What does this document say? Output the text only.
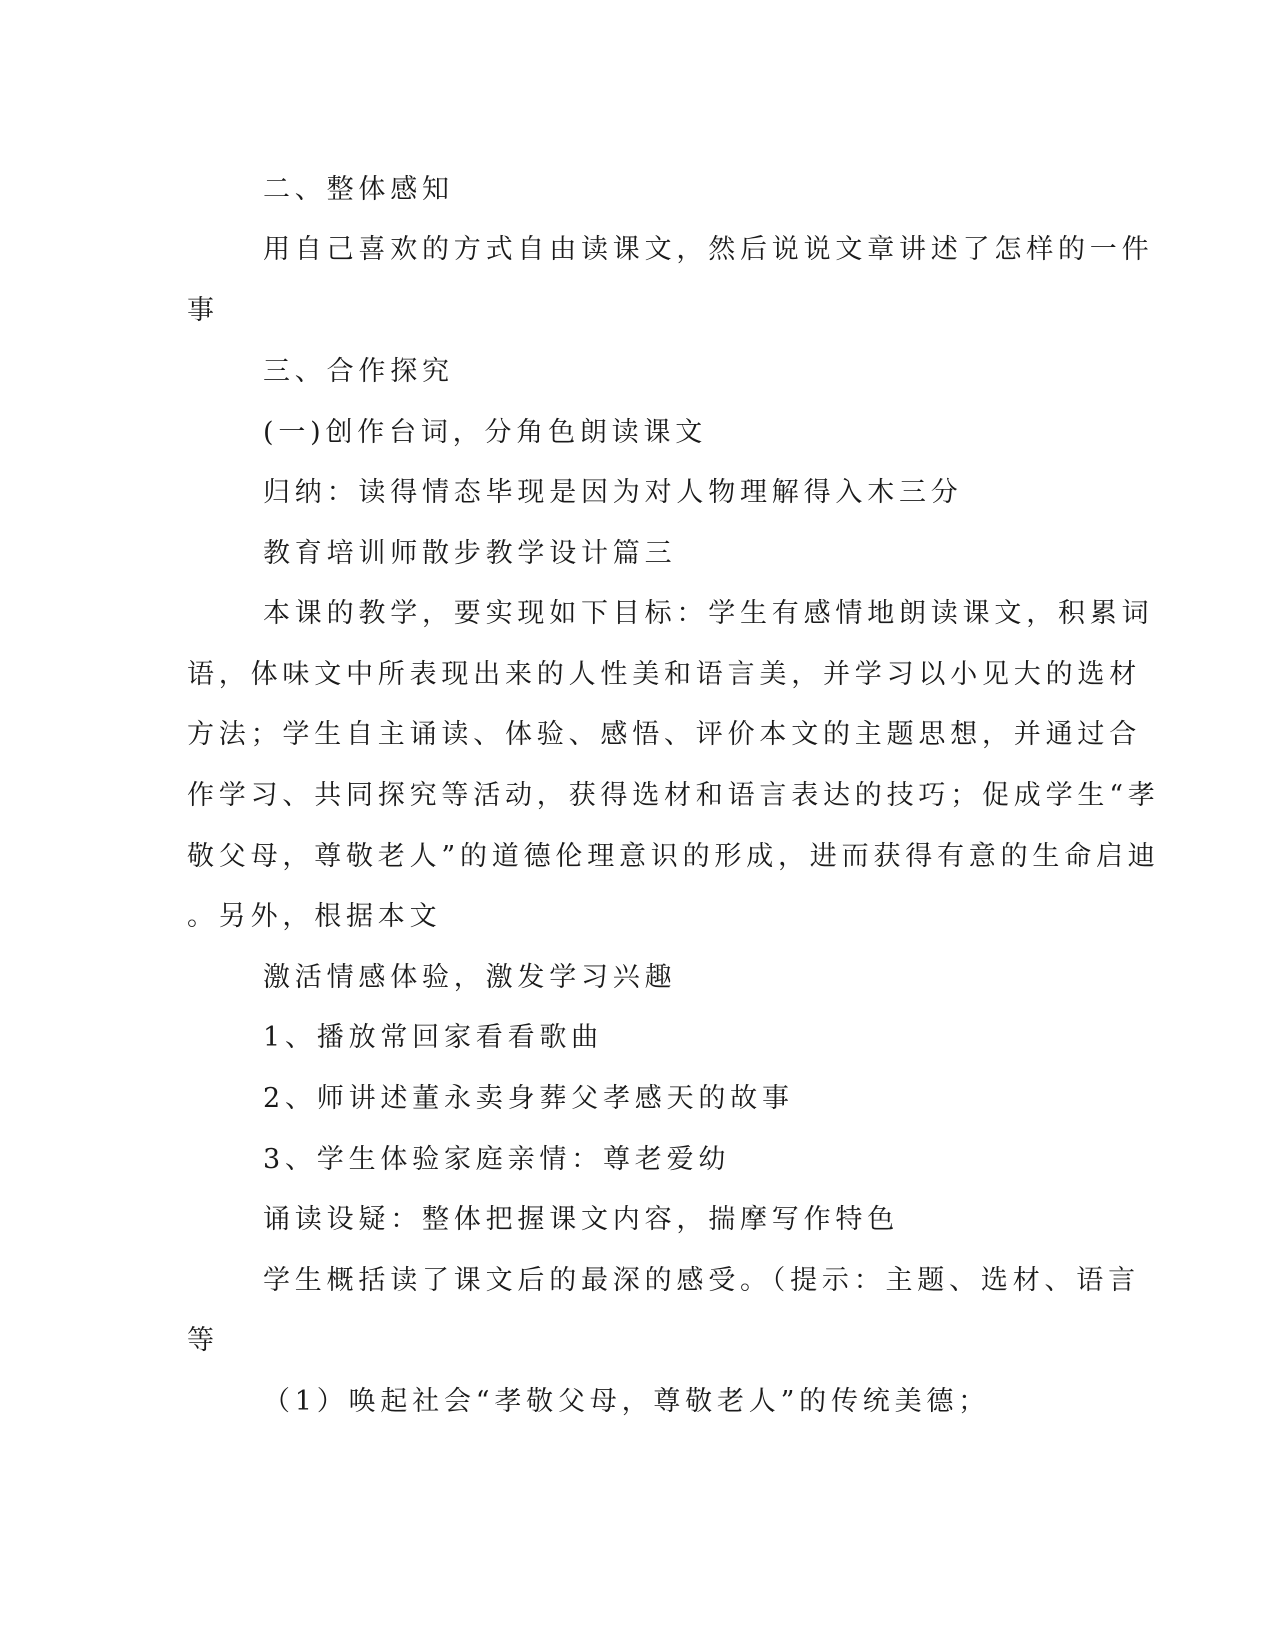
二、整体感知
用自己喜欢的方式自由读课文，然后说说文章讲述了怎样的一件
事
三、合作探究
(一)创作台词，分角色朗读课文
归纳：读得情态毕现是因为对人物理解得入木三分
教育培训师散步教学设计篇三
本课的教学，要实现如下目标：学生有感情地朗读课文，积累词
语，体味文中所表现出来的人性美和语言美，并学习以小见大的选材
方法；学生自主诵读、体验、感悟、评价本文的主题思想，并通过合
作学习、共同探究等活动，获得选材和语言表达的技巧；促成学生“孝
敬父母，尊敬老人”的道德伦理意识的形成，进而获得有意的生命启迪
。另外，根据本文
激活情感体验，激发学习兴趣
1、播放常回家看看歌曲
2、师讲述董永卖身葬父孝感天的故事
3、学生体验家庭亲情：尊老爱幼
诵读设疑：整体把握课文内容，揣摩写作特色
学生概括读了课文后的最深的感受。（提示：主题、选材、语言
等
（1）唤起社会“孝敬父母，尊敬老人”的传统美德；
